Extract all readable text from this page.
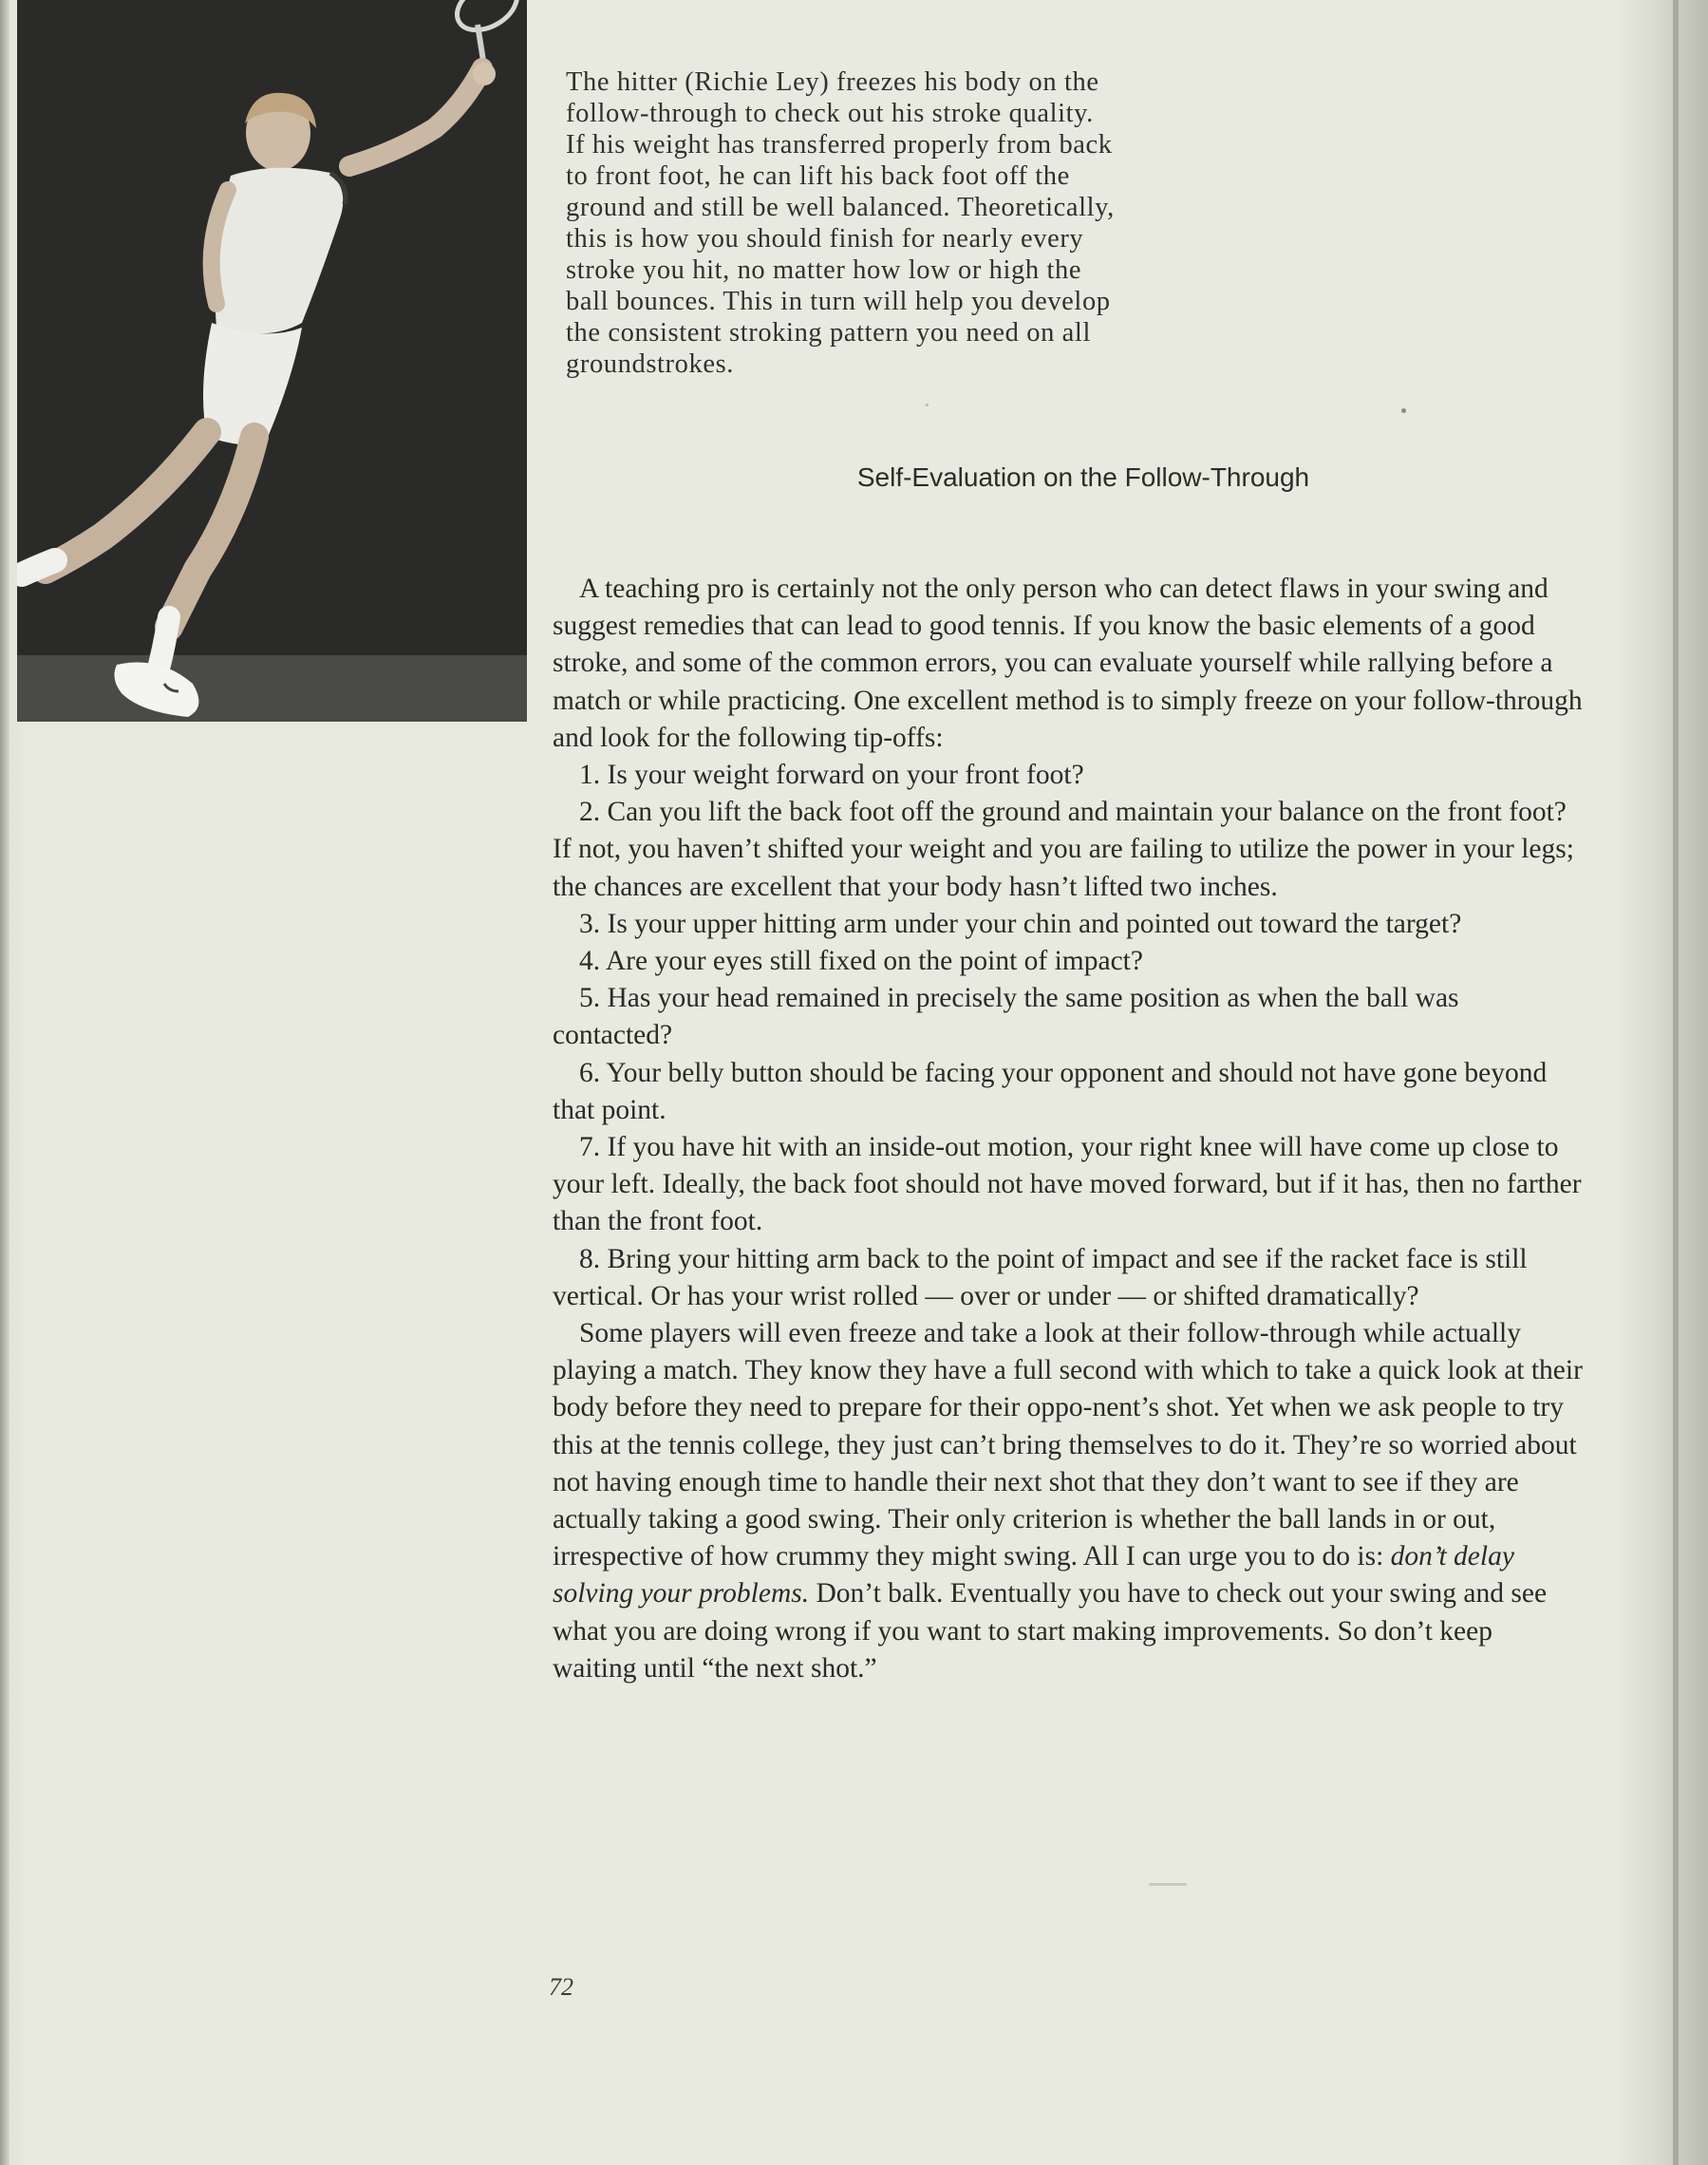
The hitter (Richie Ley) freezes his body on the

follow-through to check out his stroke quality.

If his weight has transferred properly from back

to front foot, he can lift his back foot off the

ground and still be well balanced. Theoretically,

this is how you should finish for nearly every

stroke you hit, no matter how low or high the

ball bounces. This in turn will help you develop

the consistent stroking pattern you need on all

groundstrokes.

Self-Evaluation on the Follow-Through

A teaching pro is certainly not the only person who can detect flaws in your swing and suggest remedies that can lead to good tennis. If you know the basic elements of a good stroke, and some of the common errors, you can evaluate yourself while rallying before a match or while practicing. One excellent method is to simply freeze on your follow-through and look for the following tip-offs:

1. Is your weight forward on your front foot?

2. Can you lift the back foot off the ground and maintain your balance on the front foot? If not, you haven’t shifted your weight and you are failing to utilize the power in your legs; the chances are excellent that your body hasn’t lifted two inches.

3. Is your upper hitting arm under your chin and pointed out toward the target?

4. Are your eyes still fixed on the point of impact?

5. Has your head remained in precisely the same position as when the ball was contacted?

6. Your belly button should be facing your opponent and should not have gone beyond that point.

7. If you have hit with an inside-out motion, your right knee will have come up close to your left. Ideally, the back foot should not have moved forward, but if it has, then no farther than the front foot.

8. Bring your hitting arm back to the point of impact and see if the racket face is still vertical. Or has your wrist rolled — over or under — or shifted dramatically?

Some players will even freeze and take a look at their follow-through while actually playing a match. They know they have a full second with which to take a quick look at their body before they need to prepare for their oppo-nent’s shot. Yet when we ask people to try this at the tennis college, they just can’t bring themselves to do it. They’re so worried about not having enough time to handle their next shot that they don’t want to see if they are actually taking a good swing. Their only criterion is whether the ball lands in or out, irrespective of how crummy they might swing. All I can urge you to do is: don’t delay solving your problems. Don’t balk. Eventually you have to check out your swing and see what you are doing wrong if you want to start making improvements. So don’t keep waiting until “the next shot.”

72
